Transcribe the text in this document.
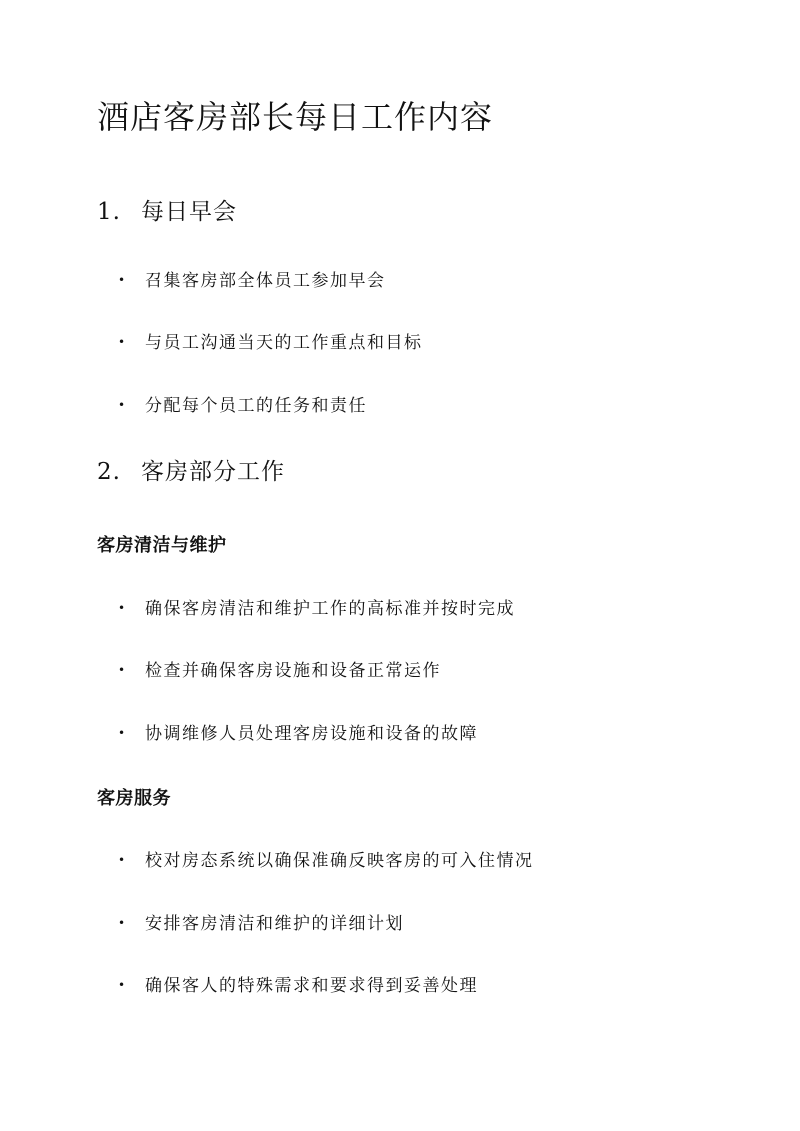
酒店客房部长每日工作内容
1. 每日早会
• 召集客房部全体员工参加早会
• 与员工沟通当天的工作重点和目标
• 分配每个员工的任务和责任
2. 客房部分工作
客房清洁与维护
• 确保客房清洁和维护工作的高标准并按时完成
• 检查并确保客房设施和设备正常运作
• 协调维修人员处理客房设施和设备的故障
客房服务
• 校对房态系统以确保准确反映客房的可入住情况
• 安排客房清洁和维护的详细计划
• 确保客人的特殊需求和要求得到妥善处理
